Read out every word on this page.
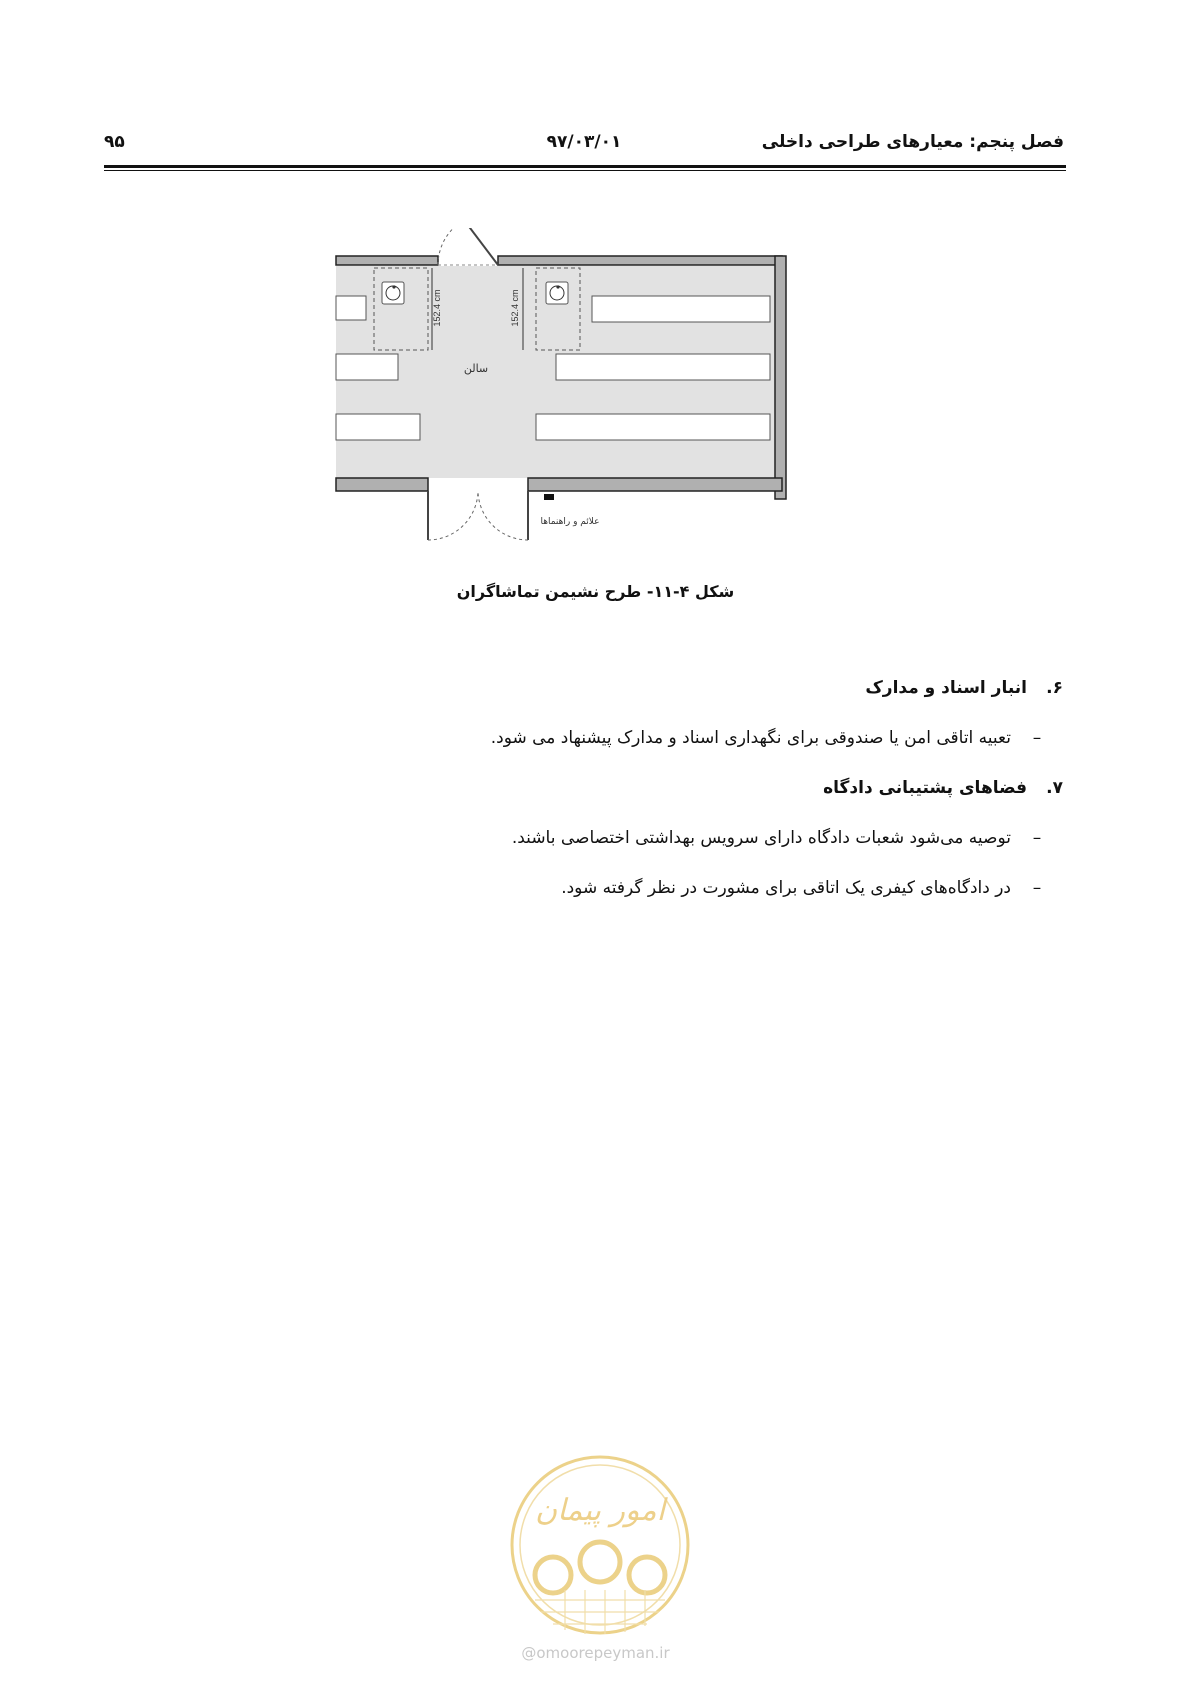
فصل پنجم: معیارهای طراحی داخلی
۹۷/۰۳/۰۱
۹۵
152.4 cm	152.4 cm
سالن
علائم و راهنماها
شکل ۴-۱۱- طرح نشیمن تماشاگران
۶.انبار اسناد و مدارک
–تعبیه اتاقی امن یا صندوقی برای نگهداری اسناد و مدارک پیشنهاد می شود.
۷.فضاهای پشتیبانی دادگاه
–توصیه می‌شود شعبات دادگاه دارای سرویس بهداشتی اختصاصی باشند.
–در دادگاه‌های کیفری یک اتاقی برای مشورت در نظر گرفته شود.
امور پیمان
@omoorepeyman.ir
